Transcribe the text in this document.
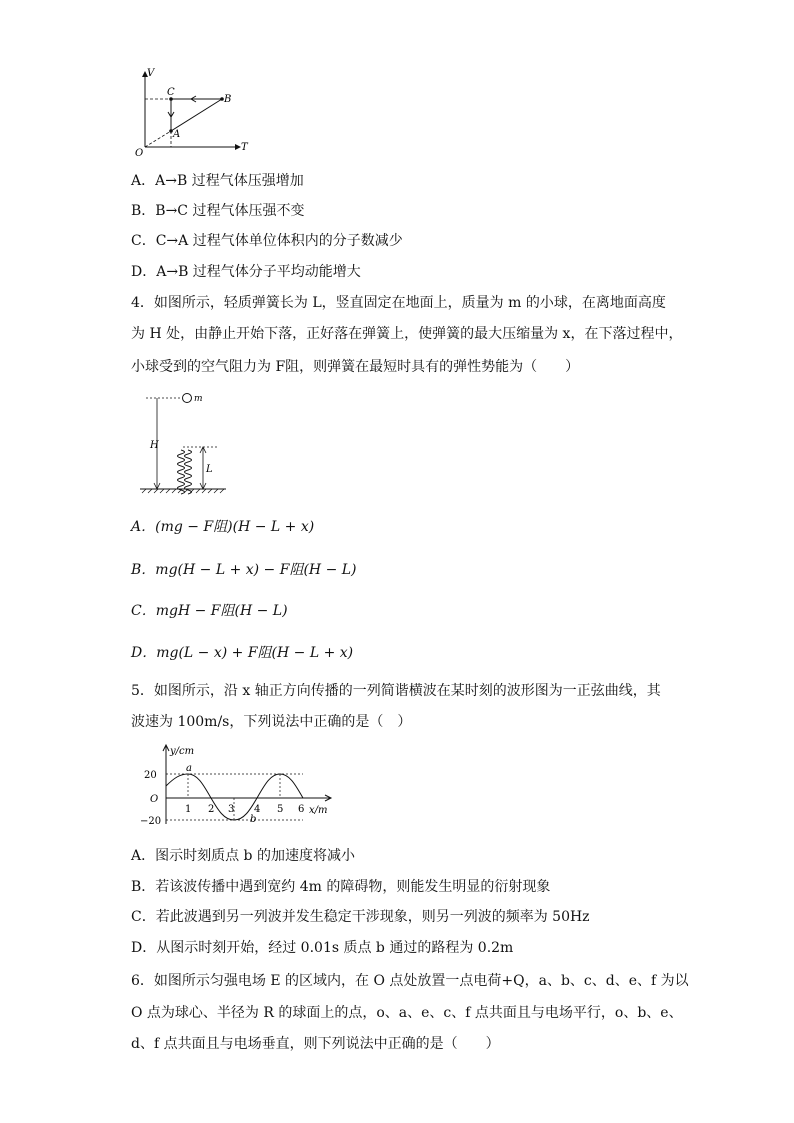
V
T
O
A
B
C
A．A→B 过程气体压强增加
B．B→C 过程气体压强不变
C．C→A 过程气体单位体积内的分子数减少
D．A→B 过程气体分子平均动能增大
4．如图所示，轻质弹簧长为 L，竖直固定在地面上，质量为 m 的小球，在离地面高度
为 H 处，由静止开始下落，正好落在弹簧上，使弹簧的最大压缩量为 x，在下落过程中，
小球受到的空气阻力为 F阻，则弹簧在最短时具有的弹性势能为（　　）
m
H
L
A．(mg − F阻)(H − L + x)
B．mg(H − L + x) − F阻(H − L)
C．mgH − F阻(H − L)
D．mg(L − x) + F阻(H − L + x)
5．如图所示，沿 x 轴正方向传播的一列简谐横波在某时刻的波形图为一正弦曲线，其
波速为 100m/s，下列说法中正确的是（　）
y/cm
x/m
O
20
−20
1 2 3 4 5 6
a
b
A．图示时刻质点 b 的加速度将减小
B．若该波传播中遇到宽约 4m 的障碍物，则能发生明显的衍射现象
C．若此波遇到另一列波并发生稳定干涉现象，则另一列波的频率为 50Hz
D．从图示时刻开始，经过 0.01s 质点 b 通过的路程为 0.2m
6．如图所示匀强电场 E 的区域内，在 O 点处放置一点电荷+Q，a、b、c、d、e、f 为以
O 点为球心、半径为 R 的球面上的点，o、a、e、c、f 点共面且与电场平行，o、b、e、
d、f 点共面且与电场垂直，则下列说法中正确的是（　　）
